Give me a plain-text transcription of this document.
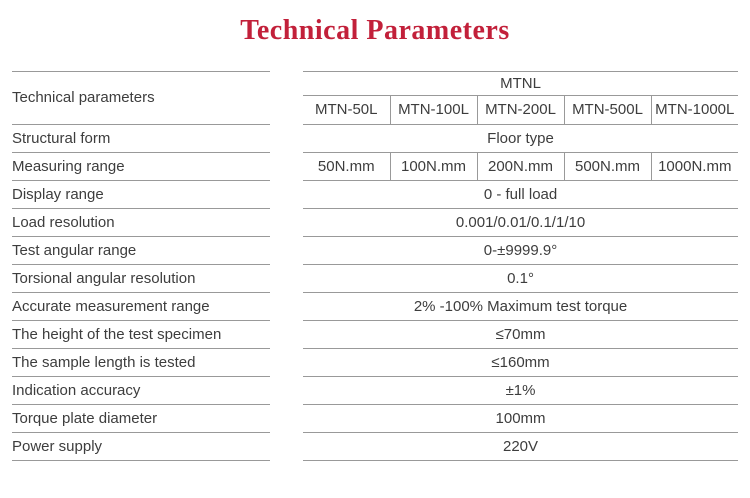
Technical Parameters
Technical parameters		MTNL				
		MTN-50L	MTN-100L	MTN-200L	MTN-500L	MTN-1000L
Structural form		Floor type				
Measuring range		50N.mm	100N.mm	200N.mm	500N.mm	1000N.mm
Display range		0 - full load				
Load resolution		0.001/0.01/0.1/1/10				
Test angular range		0-±9999.9°				
Torsional angular resolution		0.1°				
Accurate measurement range		2% -100% Maximum test torque				
The height of the test specimen		≤70mm				
The sample length is tested		≤160mm				
Indication accuracy		±1%				
Torque plate diameter		100mm				
Power supply		220V				
